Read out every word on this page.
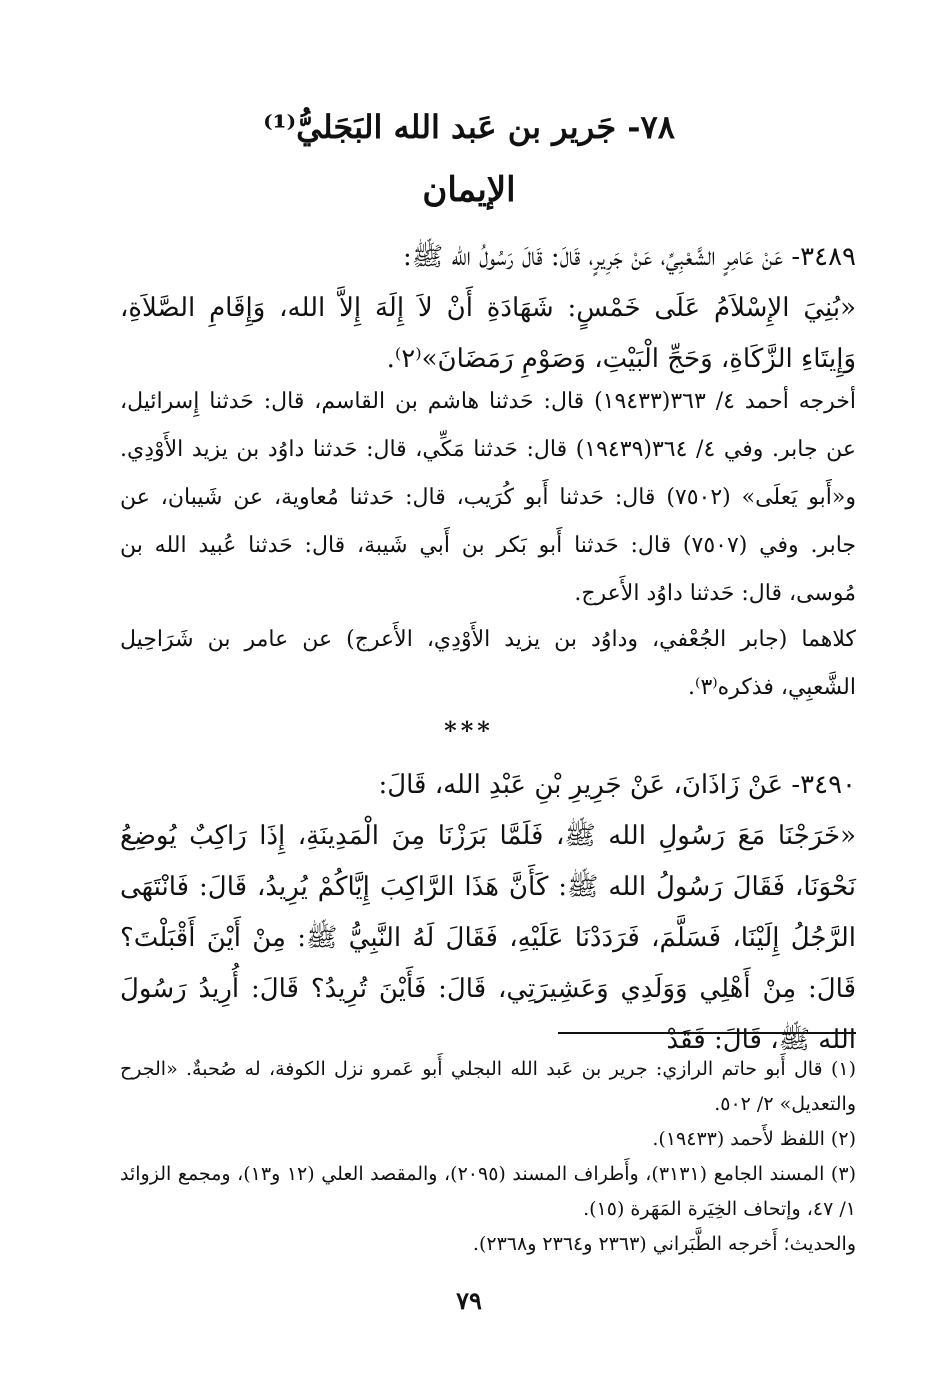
٧٨- جَرير بن عَبد الله البَجَليُّ⁽¹⁾
الإيمان

٣٤٨٩- عَنْ عَامِرٍ الشَّعْبِيِّ، عَنْ جَرِيرٍ، قَالَ: قَالَ رَسُولُ الله ﷺ:

«بُنِيَ الإِسْلاَمُ عَلَى خَمْسٍ: شَهَادَةِ أَنْ لاَ إِلَهَ إِلاَّ الله، وَإِقَامِ الصَّلاَةِ، وَإِيتَاءِ الزَّكَاةِ، وَحَجِّ الْبَيْتِ، وَصَوْمِ رَمَضَانَ»⁽٢⁾.

أخرجه أحمد ٤/ ٣٦٣(١٩٤٣٣) قال: حَدثنا هاشم بن القاسم، قال: حَدثنا إِسرائيل، عن جابر. وفي ٤/ ٣٦٤(١٩٤٣٩) قال: حَدثنا مَكِّي، قال: حَدثنا داوُد بن يزيد الأَوْدِي. و«أَبو يَعلَى» (٧٥٠٢) قال: حَدثنا أَبو كُرَيب، قال: حَدثنا مُعاوية، عن شَيبان، عن جابر. وفي (٧٥٠٧) قال: حَدثنا أَبو بَكر بن أَبي شَيبة، قال: حَدثنا عُبيد الله بن مُوسى، قال: حَدثنا داوُد الأَعرج.

كلاهما (جابر الجُعْفي، وداوُد بن يزيد الأَوْدِي، الأَعرج) عن عامر بن شَرَاحِيل الشَّعبِي، فذكره⁽٣⁾.

***

٣٤٩٠- عَنْ زَاذَانَ، عَنْ جَرِيرِ بْنِ عَبْدِ الله، قَالَ:

«خَرَجْنَا مَعَ رَسُولِ الله ﷺ، فَلَمَّا بَرَزْنَا مِنَ الْمَدِينَةِ، إِذَا رَاكِبٌ يُوضِعُ نَحْوَنَا، فَقَالَ رَسُولُ الله ﷺ: كَأَنَّ هَذَا الرَّاكِبَ إِيَّاكُمْ يُرِيدُ، قَالَ: فَانْتَهَى الرَّجُلُ إِلَيْنَا، فَسَلَّمَ، فَرَدَدْنَا عَلَيْهِ، فَقَالَ لَهُ النَّبِيُّ ﷺ: مِنْ أَيْنَ أَقْبَلْتَ؟ قَالَ: مِنْ أَهْلِي وَوَلَدِي وَعَشِيرَتِي، قَالَ: فَأَيْنَ تُرِيدُ؟ قَالَ: أُرِيدُ رَسُولَ الله ﷺ، قَالَ: فَقَدْ

(١) قال أَبو حاتم الرازي: جرير بن عَبد الله البجلي أَبو عَمرو نزل الكوفة، له صُحبةٌ. «الجرح والتعديل» ٢/ ٥٠٢.

(٢) اللفظ لأَحمد (١٩٤٣٣).

(٣) المسند الجامع (٣١٣١)، وأَطراف المسند (٢٠٩٥)، والمقصد العلي (١٢ و١٣)، ومجمع الزوائد ١/ ٤٧، وإتحاف الخِيَرة المَهَرة (١٥).

والحديث؛ أَخرجه الطَّبَراني (٢٣٦٣ و٢٣٦٤ و٢٣٦٨).

٧٩
